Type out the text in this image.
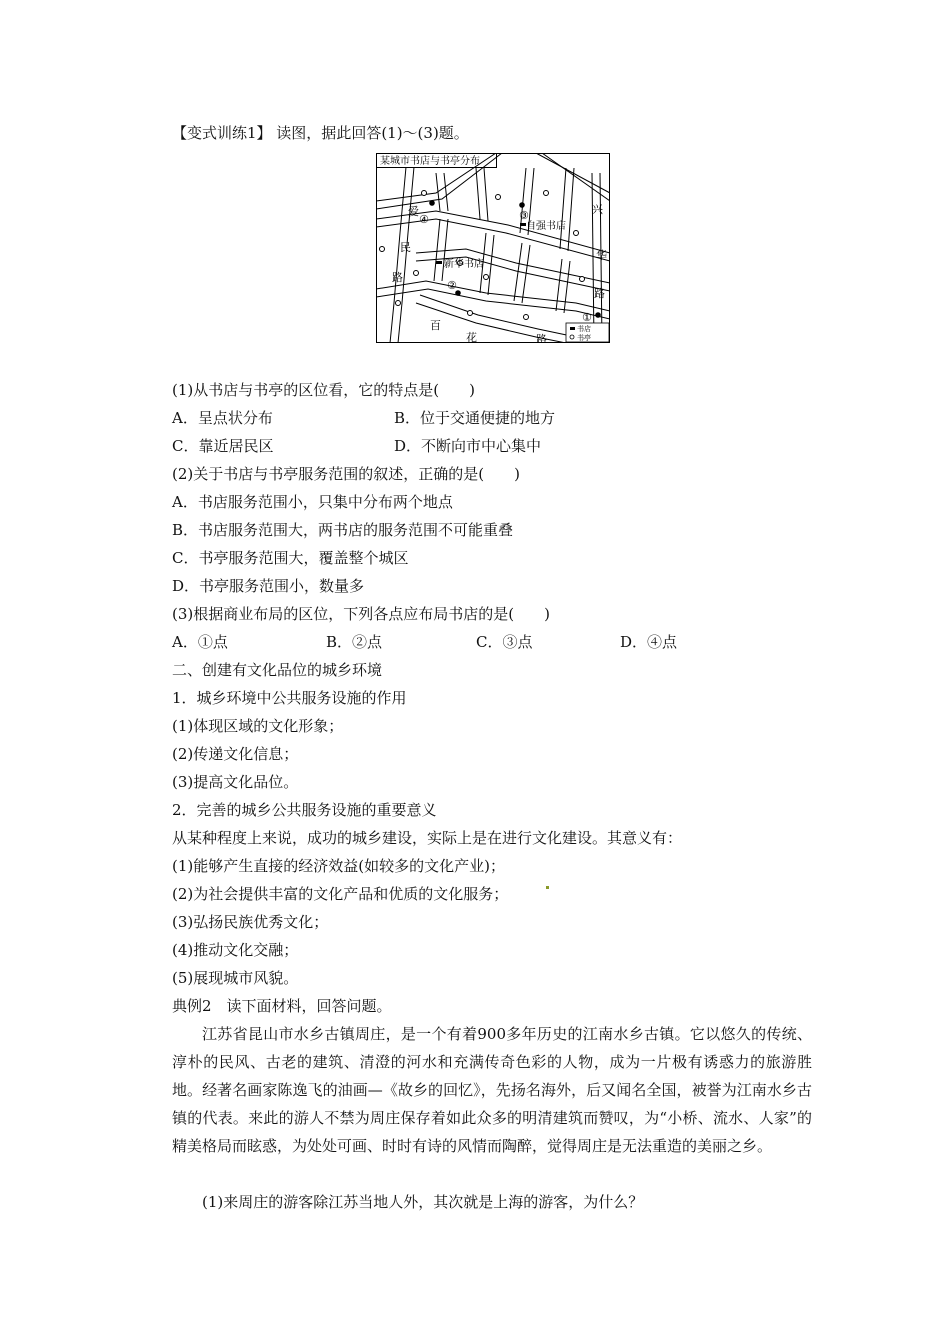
【变式训练1】 读图，据此回答(1)～(3)题。
某城市书店与书亭分布
爱
民
路
新华书店
自强书店
兴
华
路
百
花	路
④	③
②
①
书店
书亭
(1)从书店与书亭的区位看，它的特点是(　　)
A．呈点状分布	B．位于交通便捷的地方
C．靠近居民区	D．不断向市中心集中
(2)关于书店与书亭服务范围的叙述，正确的是(　　)
A．书店服务范围小，只集中分布两个地点
B．书店服务范围大，两书店的服务范围不可能重叠
C．书亭服务范围大，覆盖整个城区
D．书亭服务范围小，数量多
(3)根据商业布局的区位，下列各点应布局书店的是(　　)
A．①点	B．②点	C．③点	D．④点
二、创建有文化品位的城乡环境
1．城乡环境中公共服务设施的作用
(1)体现区域的文化形象；
(2)传递文化信息；
(3)提高文化品位。
2．完善的城乡公共服务设施的重要意义
从某种程度上来说，成功的城乡建设，实际上是在进行文化建设。其意义有：
(1)能够产生直接的经济效益(如较多的文化产业)；
(2)为社会提供丰富的文化产品和优质的文化服务；
(3)弘扬民族优秀文化；
(4)推动文化交融；
(5)展现城市风貌。
典例2　读下面材料，回答问题。
江苏省昆山市水乡古镇周庄，是一个有着900多年历史的江南水乡古镇。它以悠久的传统、淳朴的民风、古老的建筑、清澄的河水和充满传奇色彩的人物，成为一片极有诱惑力的旅游胜地。经著名画家陈逸飞的油画—《故乡的回忆》，先扬名海外，后又闻名全国，被誉为江南水乡古镇的代表。来此的游人不禁为周庄保存着如此众多的明清建筑而赞叹，为“小桥、流水、人家”的精美格局而眩惑，为处处可画、时时有诗的风情而陶醉，觉得周庄是无法重造的美丽之乡。
(1)来周庄的游客除江苏当地人外，其次就是上海的游客，为什么？
